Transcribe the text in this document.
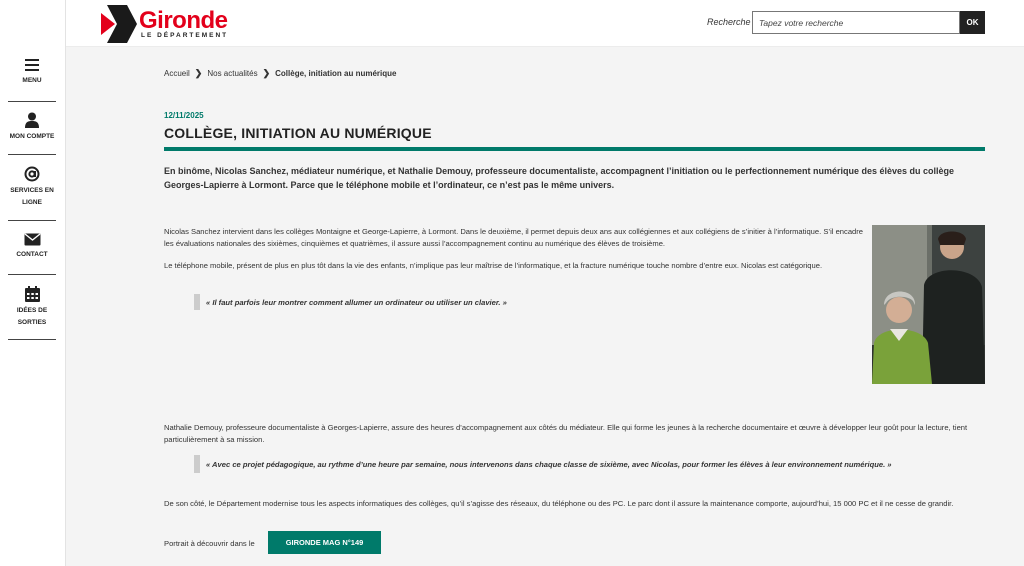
Gironde
LE DÉPARTEMENT
Recherche
Tapez votre recherche	OK
MENU
MON COMPTE
SERVICES EN LIGNE
CONTACT
IDÉES DE SORTIES
Accueil ❯ Nos actualités ❯ Collège, initiation au numérique
12/11/2025
COLLÈGE, INITIATION AU NUMÉRIQUE

En binôme, Nicolas Sanchez, médiateur numérique, et Nathalie Demouy, professeure documentaliste, accompagnent l’initiation ou le perfectionnement numérique des élèves du collège Georges-Lapierre à Lormont. Parce que le téléphone mobile et l’ordinateur, ce n’est pas le même univers.

Nicolas Sanchez intervient dans les collèges Montaigne et George-Lapierre, à Lormont. Dans le deuxième, il permet depuis deux ans aux collégiennes et aux collégiens de s’initier à l’informatique. S’il encadre les évaluations nationales des sixièmes, cinquièmes et quatrièmes, il assure aussi l’accompagnement continu au numérique des élèves de troisième.

Le téléphone mobile, présent de plus en plus tôt dans la vie des enfants, n’implique pas leur maîtrise de l’informatique, et la fracture numérique touche nombre d’entre eux. Nicolas est catégorique.

« Il faut parfois leur montrer comment allumer un ordinateur ou utiliser un clavier. »

Nathalie Demouy, professeure documentaliste à Georges-Lapierre, assure des heures d’accompagnement aux côtés du médiateur. Elle qui forme les jeunes à la recherche documentaire et œuvre à développer leur goût pour la lecture, tient particulièrement à sa mission.

« Avec ce projet pédagogique, au rythme d’une heure par semaine, nous intervenons dans chaque classe de sixième, avec Nicolas, pour former les élèves à leur environnement numérique. »

De son côté, le Département modernise tous les aspects informatiques des collèges, qu’il s’agisse des réseaux, du téléphone ou des PC. Le parc dont il assure la maintenance comporte, aujourd’hui, 15 000 PC et il ne cesse de grandir.

Portrait à découvrir dans le	GIRONDE MAG N°149
